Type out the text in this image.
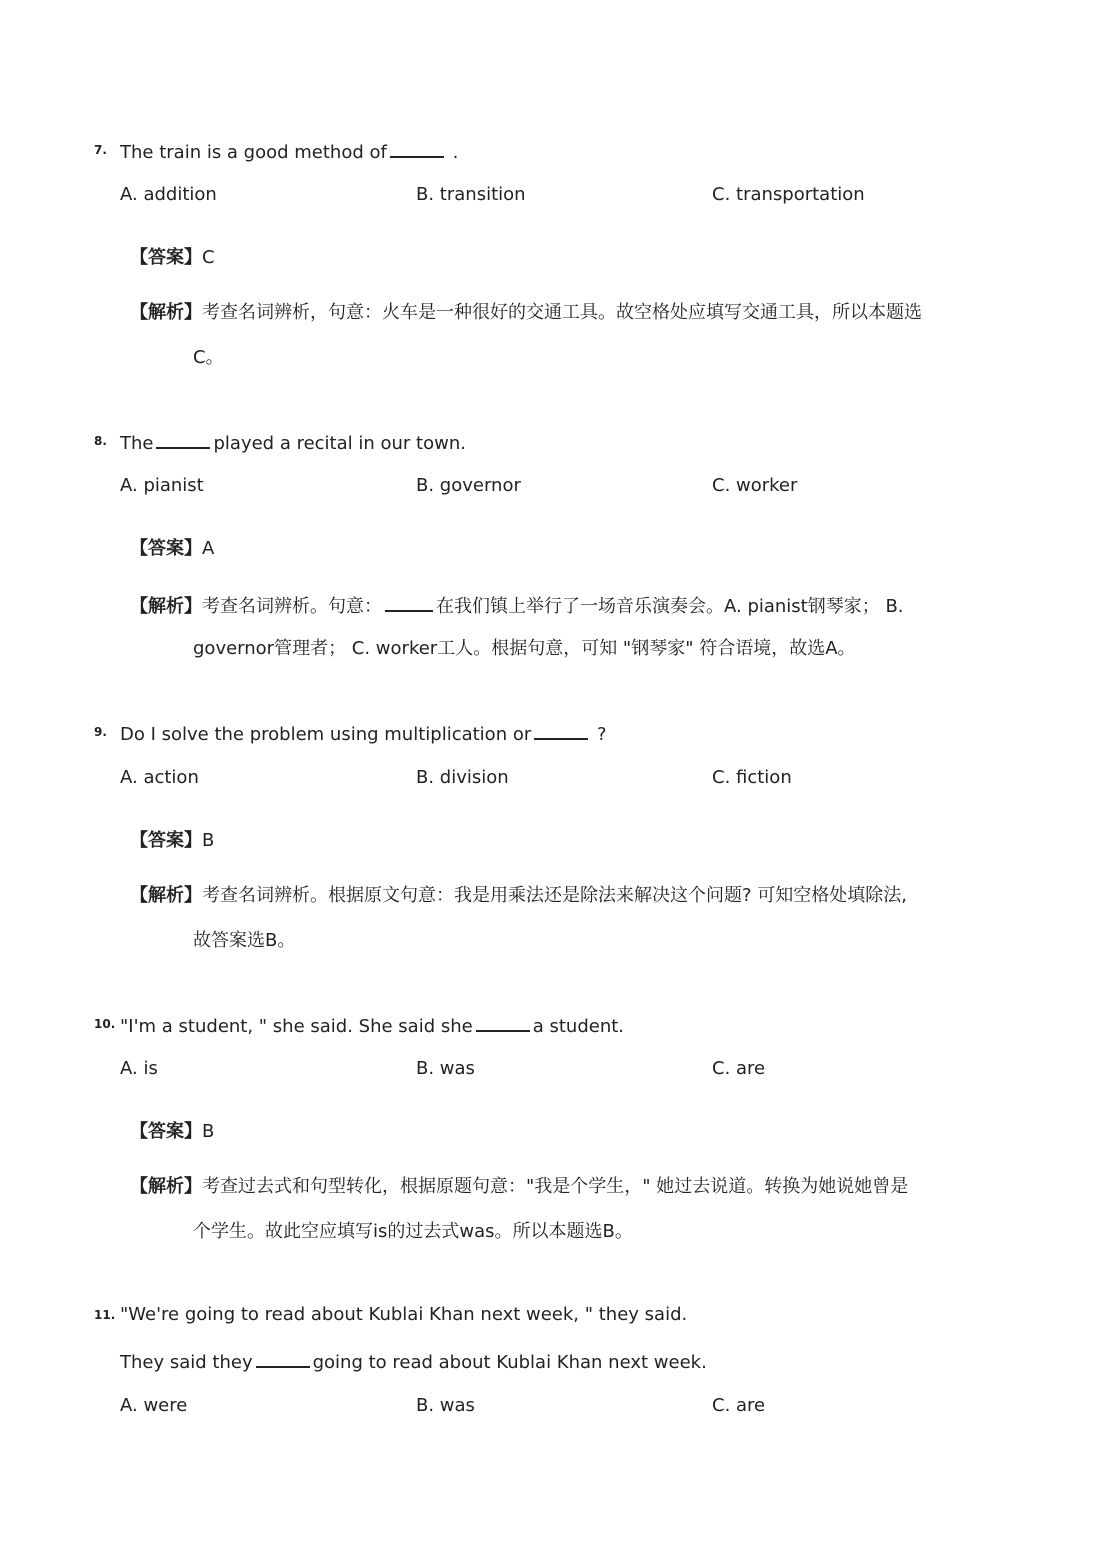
7. The train is a good method of	.
A. addition	B. transition	C. transportation
【答案】C
【解析】考查名词辨析，句意：火车是一种很好的交通工具。故空格处应填写交通工具，所以本题选
C。
8. The	played a recital in our town.
A. pianist	B. governor	C. worker
【答案】A
【解析】考查名词辨析。句意：	在我们镇上举行了一场音乐演奏会。A. pianist钢琴家； B.
governor管理者； C. worker工人。根据句意，可知 "钢琴家" 符合语境，故选A。
9. Do I solve the problem using multiplication or	?
A. action	B. division	C. fiction
【答案】B
【解析】考查名词辨析。根据原文句意：我是用乘法还是除法来解决这个问题? 可知空格处填除法,
故答案选B。
10. "I'm a student, " she said. She said she	a student.
A. is	B. was	C. are
【答案】B
【解析】考查过去式和句型转化，根据原题句意："我是个学生，" 她过去说道。转换为她说她曾是
个学生。故此空应填写is的过去式was。所以本题选B。
11. "We're going to read about Kublai Khan next week, " they said.
They said they	going to read about Kublai Khan next week.
A. were	B. was	C. are
